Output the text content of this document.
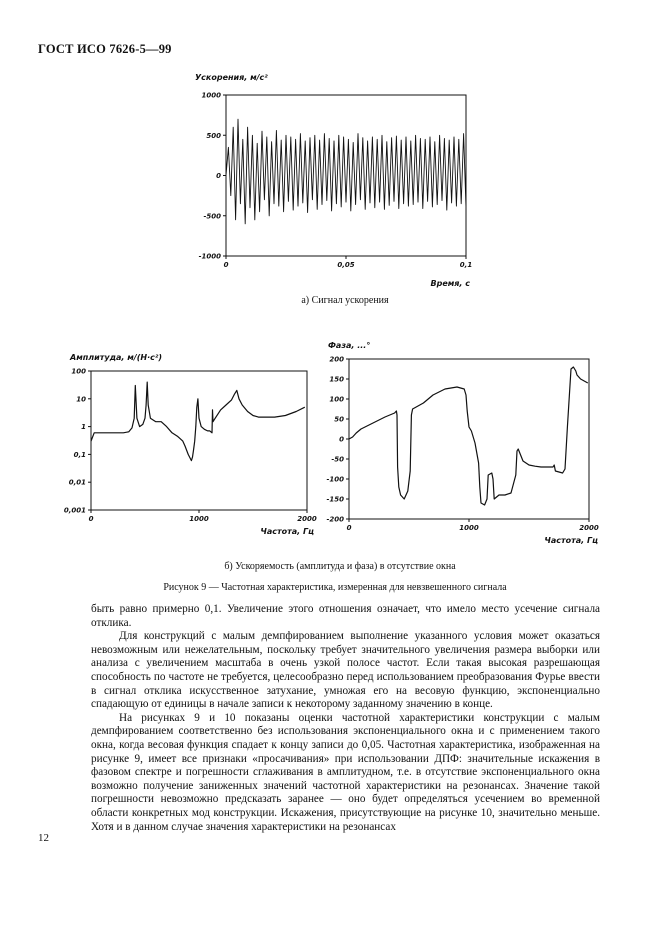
ГОСТ ИСО 7626-5—99
1000
500
0
-500
-1000
0	0,05	0,1
Ускорения, м/с²
Время, с
а) Сигнал ускорения
100
10
1
0,1
0,01
0,001
0	1000	2000
Амплитуда, м/(Н·с²)
Частота, Гц
200
150
100
50
0
-50
-100
-150
-200
0	1000	2000
Фаза, ...°
Частота, Гц
б) Ускоряемость (амплитуда и фаза) в отсутствие окна
Рисунок 9 — Частотная характеристика, измеренная для невзвешенного сигнала

быть равно примерно 0,1. Увеличение этого отношения означает, что имело место усечение сигнала отклика.

Для конструкций с малым демпфированием выполнение указанного условия может оказаться невозможным или нежелательным, поскольку требует значительного увеличения размера выборки или анализа с увеличением масштаба в очень узкой полосе частот. Если такая высокая разрешающая способность по частоте не требуется, целесообразно перед использованием преобразования Фурье ввести в сигнал отклика искусственное затухание, умножая его на весовую функцию, экспоненциально спадающую от единицы в начале записи к некоторому заданному значению в конце.

На рисунках 9 и 10 показаны оценки частотной характеристики конструкции с малым демпфированием соответственно без использования экспоненциального окна и с применением такого окна, когда весовая функция спадает к концу записи до 0,05. Частотная характеристика, изображенная на рисунке 9, имеет все признаки «просачивания» при использовании ДПФ: значительные искажения в фазовом спектре и погрешности сглаживания в амплитудном, т.е. в отсутствие экспоненциального окна возможно получение заниженных значений частотной характеристики на резонансах. Значение такой погрешности невозможно предсказать заранее — оно будет определяться усечением во временной области конкретных мод конструкции. Искажения, присутствующие на рисунке 10, значительно меньше. Хотя и в данном случае значения характеристики на резонансах

12
